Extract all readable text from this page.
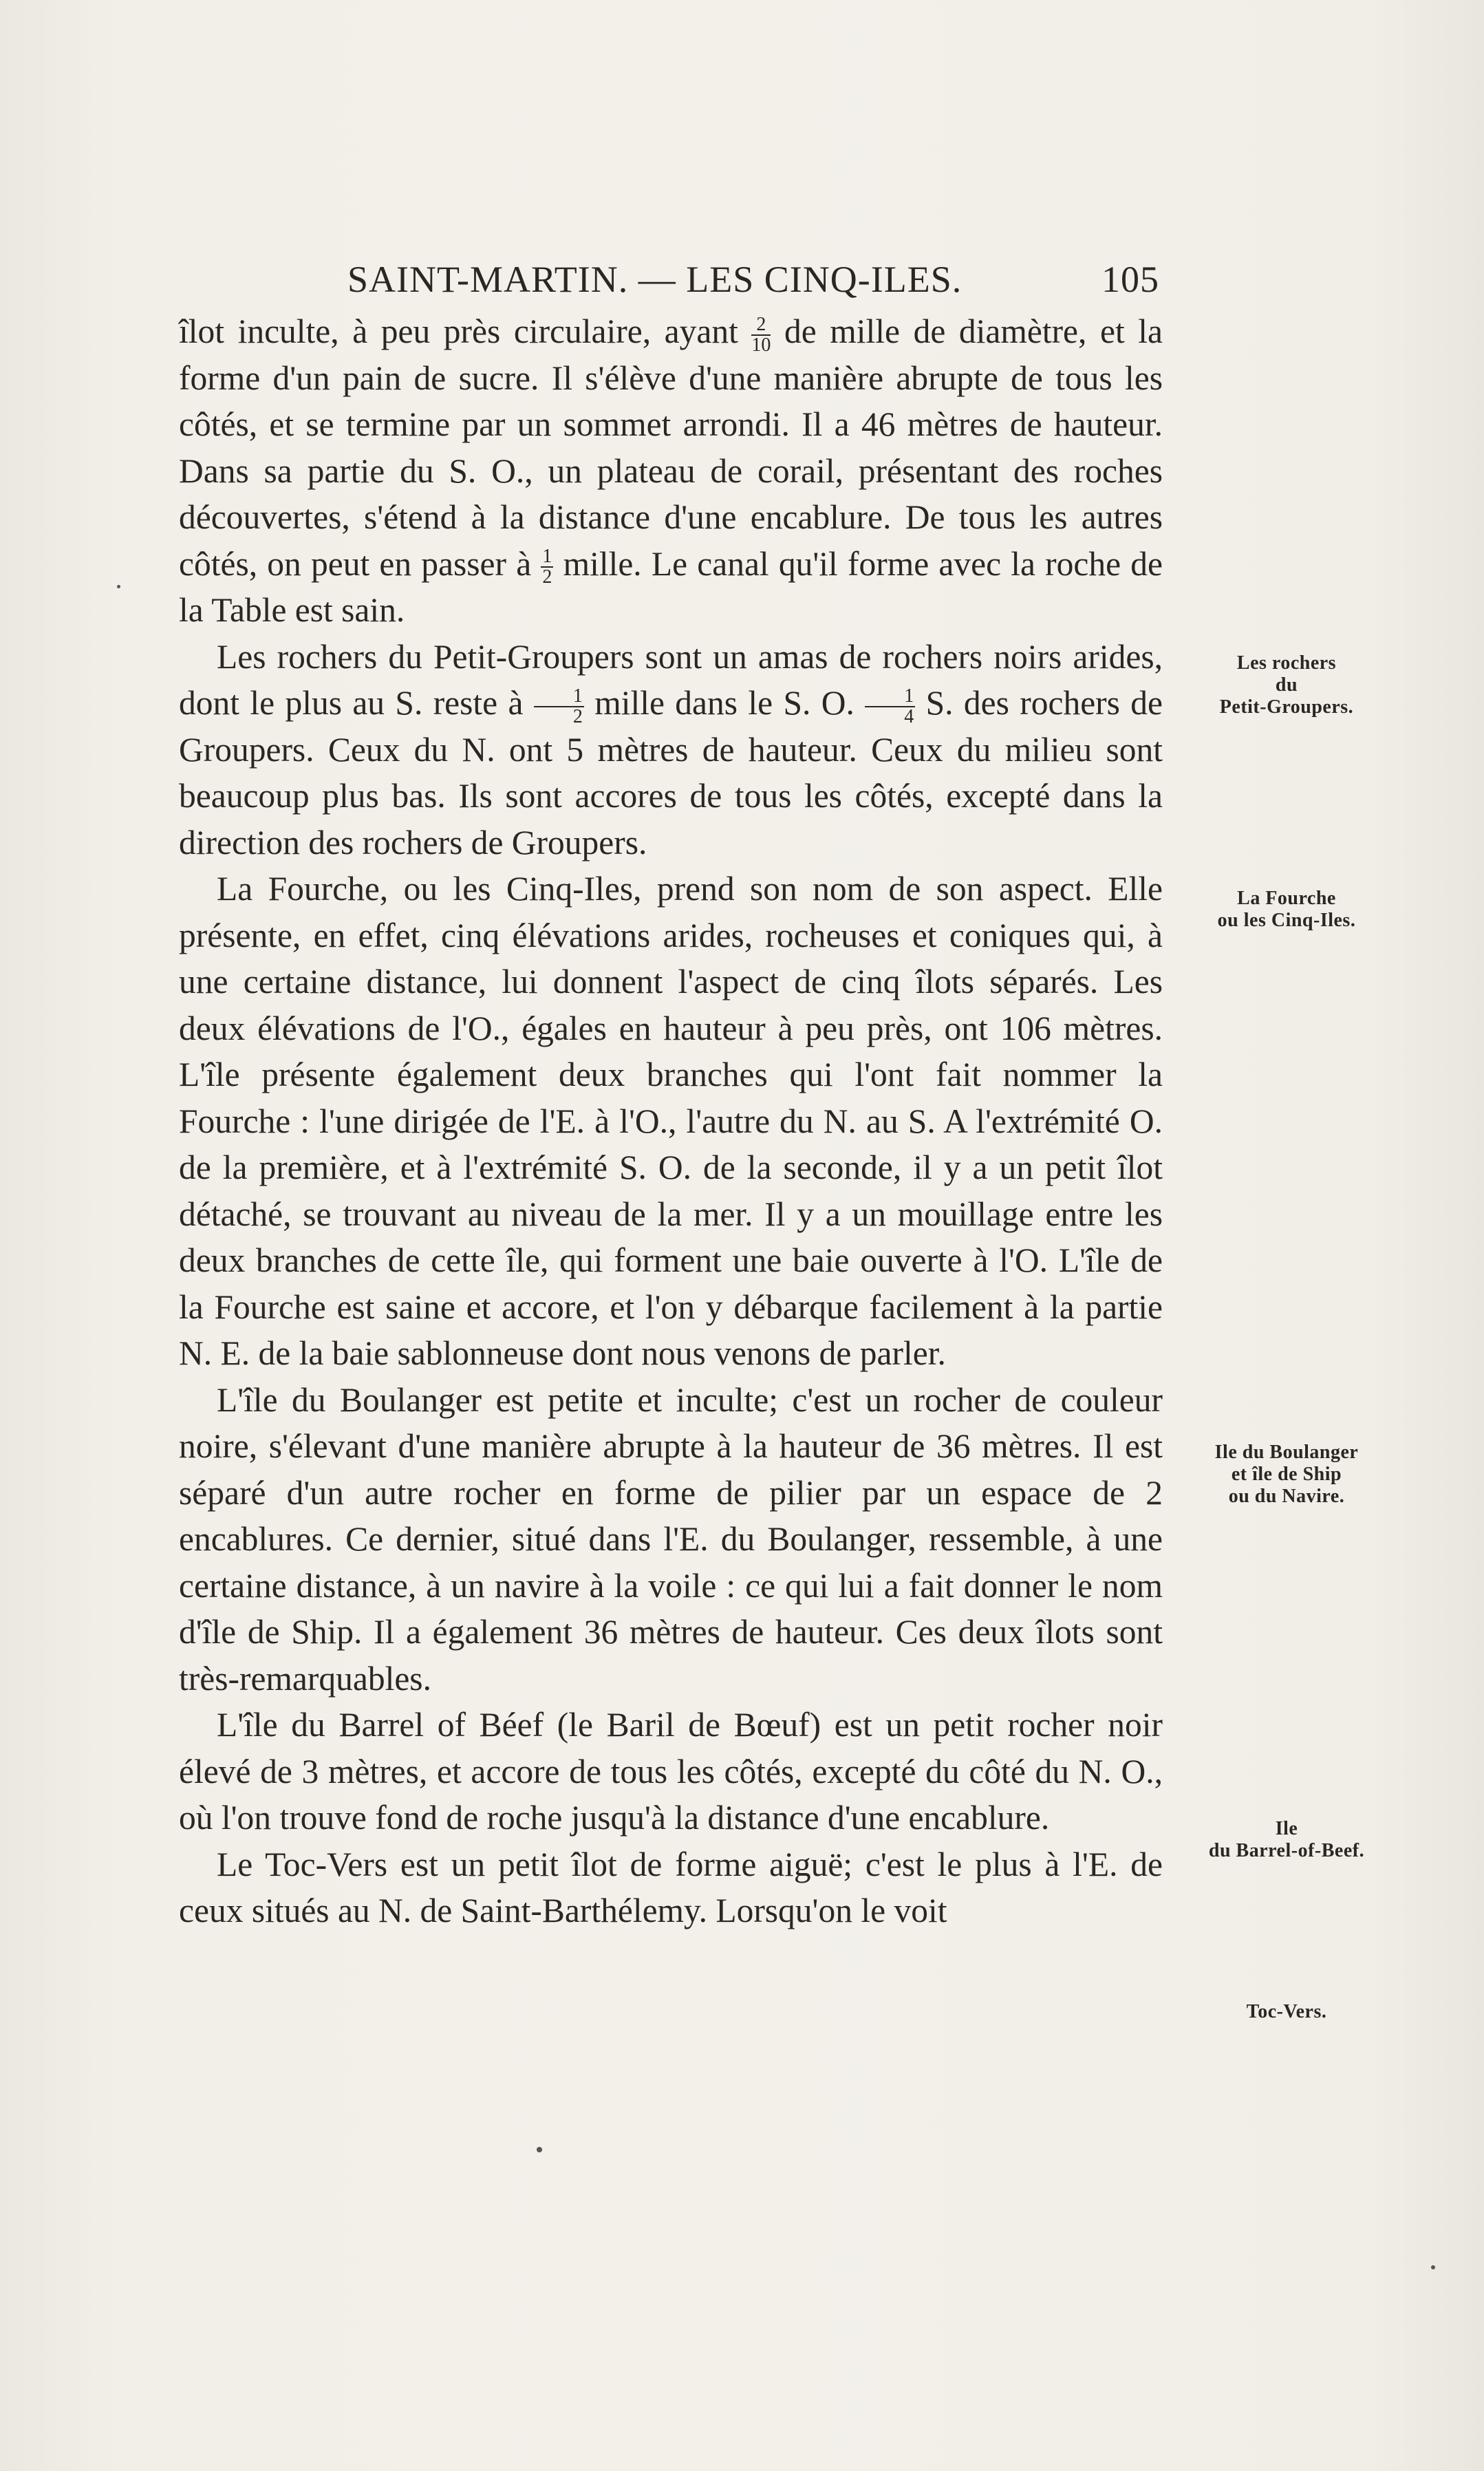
SAINT-MARTIN. — LES CINQ-ILES.	105

îlot inculte, à peu près circulaire, ayant $\frac{2}{10}$ de mille de diamètre, et la forme d'un pain de sucre. Il s'élève d'une manière abrupte de tous les côtés, et se termine par un sommet arrondi. Il a 46 mètres de hauteur. Dans sa partie du S. O., un plateau de corail, présentant des roches découvertes, s'étend à la distance d'une encablure. De tous les autres côtés, on peut en passer à $\frac{1}{2}$ mille. Le canal qu'il forme avec la roche de la Table est sain.

Les rochers du Petit-Groupers sont un amas de rochers noirs arides, dont le plus au S. reste à $\frac{1}{2}$ mille dans le S. O. $\frac{1}{4} S$. des rochers de Groupers. Ceux du N. ont 5 mètres de hauteur. Ceux du milieu sont beaucoup plus bas. Ils sont accores de tous les côtés, excepté dans la direction des rochers de Groupers.

La Fourche, ou les Cinq-Iles, prend son nom de son aspect. Elle présente, en effet, cinq élévations arides, rocheuses et coniques qui, à une certaine distance, lui donnent l'aspect de cinq îlots séparés. Les deux élévations de l'O., égales en hauteur à peu près, ont 106 mètres. L'île présente également deux branches qui l'ont fait nommer la Fourche : l'une dirigée de l'E. à l'O., l'autre du N. au S. A l'extrémité O. de la première, et à l'extrémité S. O. de la seconde, il y a un petit îlot détaché, se trouvant au niveau de la mer. Il y a un mouillage entre les deux branches de cette île, qui forment une baie ouverte à l'O. L'île de la Fourche est saine et accore, et l'on y débarque facilement à la partie N. E. de la baie sablonneuse dont nous venons de parler.

L'île du Boulanger est petite et inculte; c'est un rocher de couleur noire, s'élevant d'une manière abrupte à la hauteur de 36 mètres. Il est séparé d'un autre rocher en forme de pilier par un espace de 2 encablures. Ce dernier, situé dans l'E. du Boulanger, ressemble, à une certaine distance, à un navire à la voile : ce qui lui a fait donner le nom d'île de Ship. Il a également 36 mètres de hauteur. Ces deux îlots sont très-remarquables.

L'île du Barrel of Béef (le Baril de Bœuf) est un petit rocher noir élevé de 3 mètres, et accore de tous les côtés, excepté du côté du N. O., où l'on trouve fond de roche jusqu'à la distance d'une encablure.

Le Toc-Vers est un petit îlot de forme aiguë; c'est le plus à l'E. de ceux situés au N. de Saint-Barthélemy. Lorsqu'on le voit

Les rochers
du
Petit-Groupers.
La Fourche
ou les Cinq-Iles.
Ile du Boulanger
et île de Ship
ou du Navire.
Ile
du Barrel-of-Beef.
Toc-Vers.
